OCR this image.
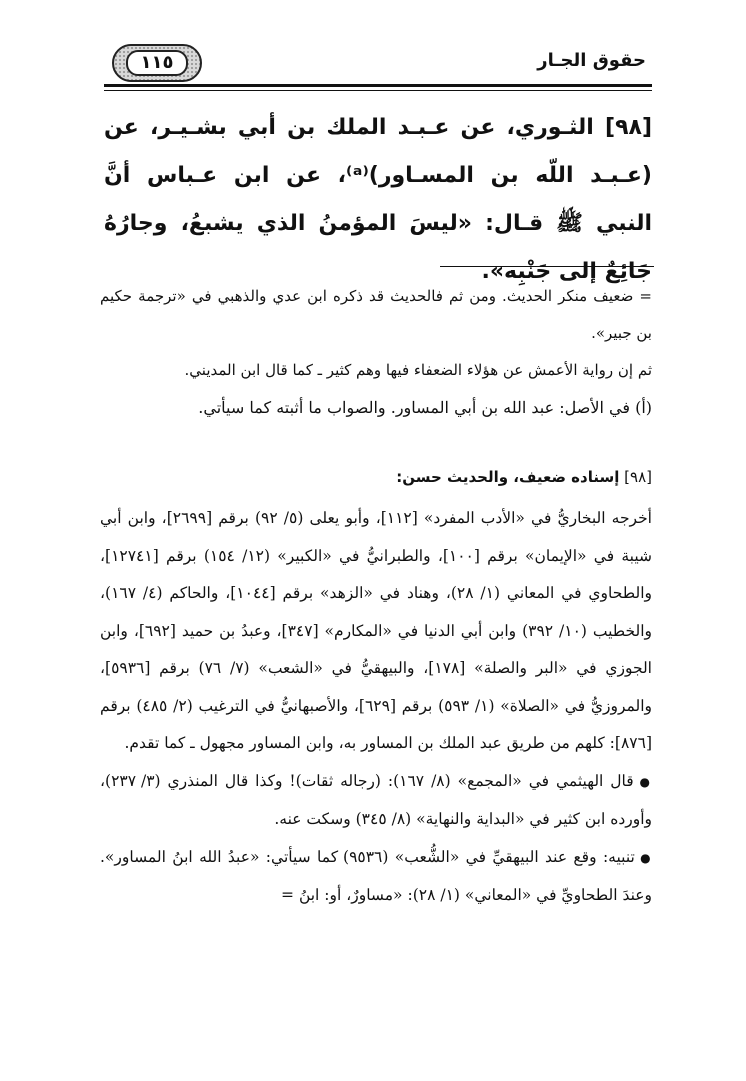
١١٥	حقوق الجـار
[٩٨] الثـوري، عن عـبـد الملك بن أبي بشـيـر، عن (عـبـد اللّه بن المسـاور)⁽ᵃ⁾، عن ابن عـباس أنَّ النبي ﷺ قـال: «ليسَ المؤمنُ الذي يشبعُ، وجارُهُ جَائِعٌ إلى جَنْبِه».

= ضعيف منكر الحديث. ومن ثم فالحديث قد ذكره ابن عدي والذهبي في «ترجمة حكيم بن جبير».

ثم إن رواية الأعمش عن هؤلاء الضعفاء فيها وهم كثير ـ كما قال ابن المديني.

(أ) في الأصل: عبد الله بن أبي المساور. والصواب ما أثبته كما سيأتي.

[٩٨] إسناده ضعيف، والحديث حسن:

أخرجه البخاريُّ في «الأدب المفرد» [١١٢]، وأبو يعلى (٥/ ٩٢) برقم [٢٦٩٩]، وابن أبي شيبة في «الإيمان» برقم [١٠٠]، والطبرانيُّ في «الكبير» (١٢/ ١٥٤) برقم [١٢٧٤١]، والطحاوي في المعاني (١/ ٢٨)، وهناد في «الزهد» برقم [١٠٤٤]، والحاكم (٤/ ١٦٧)، والخطيب (١٠/ ٣٩٢) وابن أبي الدنيا في «المكارم» [٣٤٧]، وعبدُ بن حميد [٦٩٢]، وابن الجوزي في «البر والصلة» [١٧٨]، والبيهقيُّ في «الشعب» (٧/ ٧٦) برقم [٥٩٣٦]، والمروزيُّ في «الصلاة» (١/ ٥٩٣) برقم [٦٢٩]، والأصبهانيُّ في الترغيب (٢/ ٤٨٥) برقم [٨٧٦]: كلهم من طريق عبد الملك بن المساور به، وابن المساور مجهول ـ كما تقدم.

● قال الهيثمي في «المجمع» (٨/ ١٦٧): (رجاله ثقات)! وكذا قال المنذري (٣/ ٢٣٧)، وأورده ابن كثير في «البداية والنهاية» (٨/ ٣٤٥) وسكت عنه.

● تنبيه: وقع عند البيهقيِّ في «الشُّعب» (٩٥٣٦) كما سيأتي: «عبدُ الله ابنُ المساور». وعندَ الطحاويِّ في «المعاني» (١/ ٢٨): «مساورٌ، أو: ابنُ =
